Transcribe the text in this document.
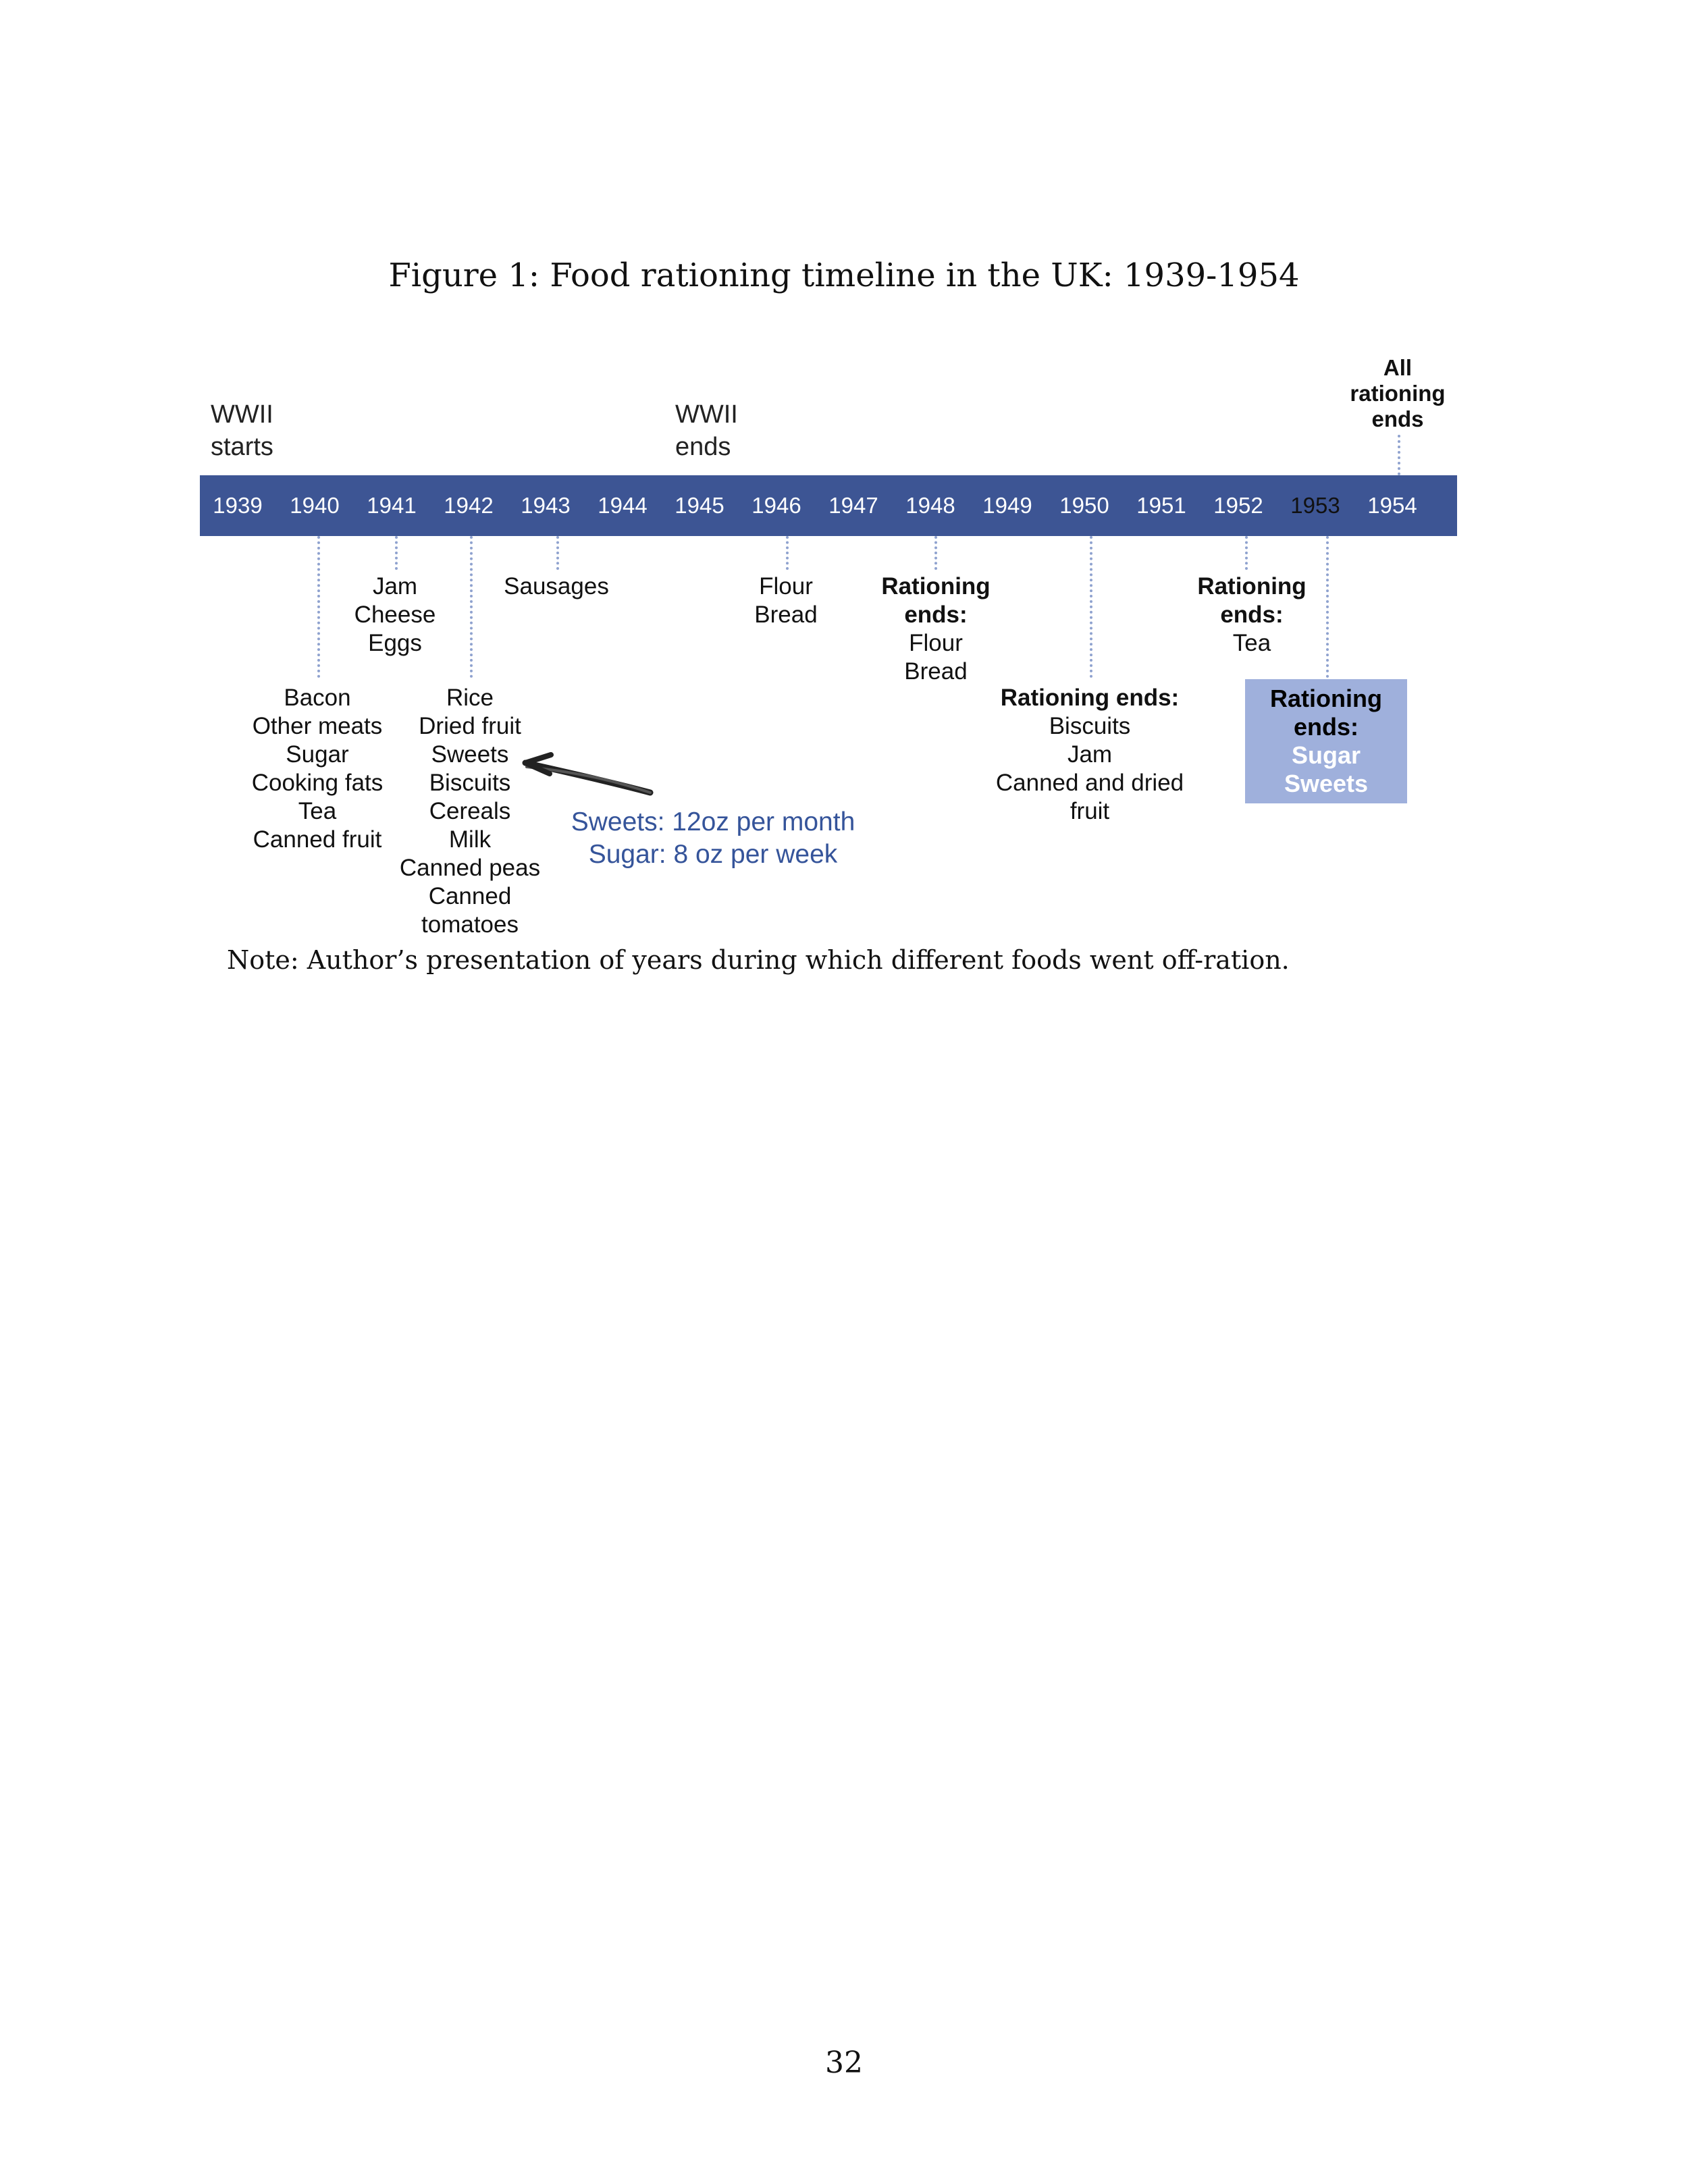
Figure 1: Food rationing timeline in the UK: 1939-1954
WWII
starts
WWII
ends
All
rationing
ends
1939	1940	1941	1942	1943	1944	1945	1946	1947	1948	1949	1950	1951	1952	1953	1954
Bacon
Other meats
Sugar
Cooking fats
Tea
Canned fruit
Jam
Cheese
Eggs
Rice
Dried fruit
Sweets
Biscuits
Cereals
Milk
Canned peas
Canned tomatoes
Sausages	Flour
Bread
Rationing
ends:
Flour
Bread
Rationing ends:
Biscuits
Jam
Canned and dried
fruit
Rationing
ends:
Tea
Rationing
ends:
Sugar
Sweets
Sweets: 12oz per month
Sugar: 8 oz per week
Note: Author’s presentation of years during which different foods went off-ration.
32
